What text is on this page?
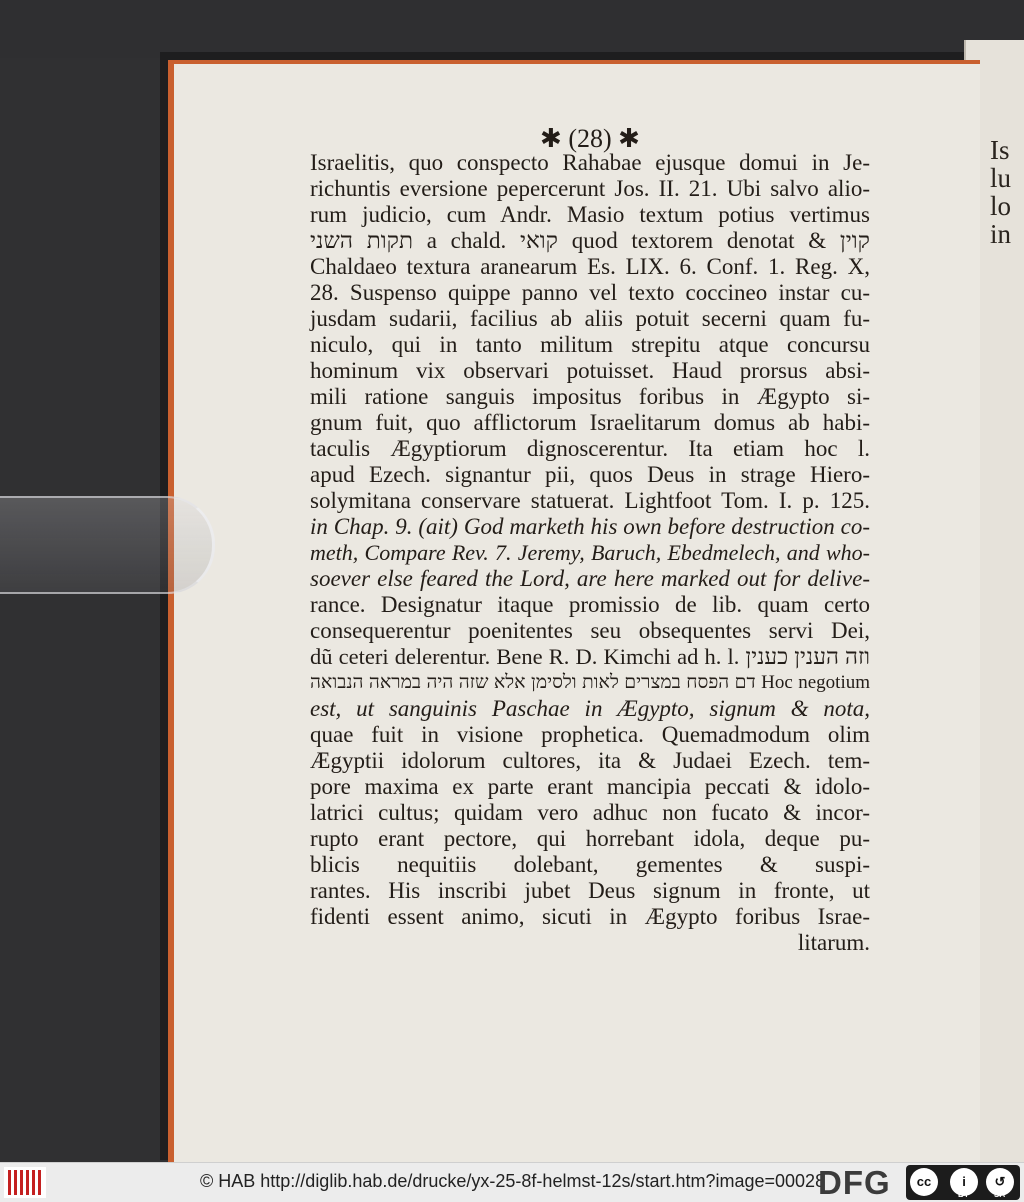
Is
lu
lo
in
✱ (28) ✱
Israelitis, quo conspecto Rahabae ejusque domui in Je-
richuntis eversione pepercerunt Jos. II. 21. Ubi salvo alio-
rum judicio, cum Andr. Masio textum potius vertimus
תקות השני a chald. קואי quod textorem denotat & קוין
Chaldaeo textura aranearum Es. LIX. 6. Conf. 1. Reg. X,
28. Suspenso quippe panno vel texto coccineo instar cu-
jusdam sudarii, facilius ab aliis potuit secerni quam fu-
niculo, qui in tanto militum strepitu atque concursu
hominum vix observari potuisset. Haud prorsus absi-
mili ratione sanguis impositus foribus in Ægypto si-
gnum fuit, quo afflictorum Israelitarum domus ab habi-
taculis Ægyptiorum dignoscerentur. Ita etiam hoc l.
apud Ezech. signantur pii, quos Deus in strage Hiero-
solymitana conservare statuerat. Lightfoot Tom. I. p. 125.
in Chap. 9. (ait) God marketh his own before destruction co-
meth, Compare Rev. 7. Jeremy, Baruch, Ebedmelech, and who-
soever else feared the Lord, are here marked out for delive-
rance. Designatur itaque promissio de lib. quam certo
consequerentur poenitentes seu obsequentes servi Dei,
dũ ceteri delerentur. Bene R. D. Kimchi ad h. l. וזה הענין כענין
דם הפסח במצרים לאות ולסימן אלא שזה היה במראה הנבואה Hoc negotium
est, ut sanguinis Paschae in Ægypto, signum & nota,
quae fuit in visione prophetica. Quemadmodum olim
Ægyptii idolorum cultores, ita & Judaei Ezech. tem-
pore maxima ex parte erant mancipia peccati & idolo-
latrici cultus; quidam vero adhuc non fucato & incor-
rupto erant pectore, qui horrebant idola, deque pu-
blicis nequitiis dolebant, gementes & suspi-
rantes. His inscribi jubet Deus signum in fronte, ut
fidenti essent animo, sicuti in Ægypto foribus Israe-
litarum.
© HAB http://diglib.hab.de/drucke/yx-25-8f-helmst-12s/start.htm?image=00028
DFG	cc	i	↺
BY	SA
